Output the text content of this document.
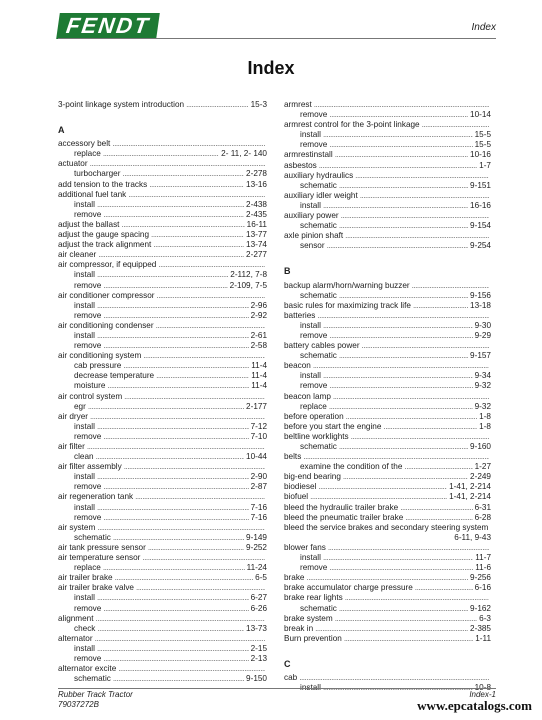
FENDT	Index
Index
3-point linkage system introduction .....	15-3
A
accessory belt
.....
replace .....	2- 11, 2- 140
actuator
.....
turbocharger .....	2-278
add tension to the tracks .....	13-16
additional fuel tank
.....
install .....	2-438
remove .....	2-435
adjust the ballast .....	16-11
adjust the gauge spacing .....	13-77
adjust the track alignment .....	13-74
air cleaner .....	2-277
air compressor, if equipped
.....
install .....	2-112, 7-8
remove .....	2-109, 7-5
air conditioner compressor
.....
install .....	2-96
remove .....	2-92
air conditioning condenser
.....
install .....	2-61
remove .....	2-58
air conditioning system
.....
cab pressure .....	11-4
decrease temperature .....	11-4
moisture .....	11-4
air control system
.....
egr .....	2-177
air dryer
.....
install .....	7-12
remove .....	7-10
air filter
.....
clean .....	10-44
air filter assembly
.....
install .....	2-90
remove .....	2-87
air regeneration tank
.....
install .....	7-16
remove .....	7-16
air system
.....
schematic .....	9-149
air tank pressure sensor .....	9-252
air temperature sensor
.....
replace .....	11-24
air trailer brake .....	6-5
air trailer brake valve
.....
install .....	6-27
remove .....	6-26
alignment
.....
check .....	13-73
alternator
.....
install .....	2-15
remove .....	2-13
alternator excite
.....
schematic .....	9-150
armrest
.....
remove .....	10-14
armrest control for the 3-point linkage
.....
install .....	15-5
remove .....	15-5
armrestinstall .....	10-16
asbestos .....	1-7
auxiliary hydraulics
.....
schematic .....	9-151
auxiliary idler weight
.....
install .....	16-16
auxiliary power
.....
schematic .....	9-154
axle pinion shaft
.....
sensor .....	9-254
B
backup alarm/horn/warning buzzer
.....
schematic .....	9-156
basic rules for maximizing track life .....	13-18
batteries
.....
install .....	9-30
remove .....	9-29
battery cables power
.....
schematic .....	9-157
beacon
.....
install .....	9-34
remove .....	9-32
beacon lamp
.....
replace .....	9-32
before operation .....	1-8
before you start the engine .....	1-8
beltline worklights
.....
schematic .....	9-160
belts
.....
examine the condition of the .....	1-27
big-end bearing .....	2-249
biodiesel .....	1-41, 2-214
biofuel .....	1-41, 2-214
bleed the hydraulic trailer brake .....	6-31
bleed the pneumatic trailer brake .....	6-28
bleed the service brakes and secondary steering system
6-11, 9-43
blower fans
.....
install .....	11-7
remove .....	11-6
brake .....	9-256
brake accumulator charge pressure .....	6-16
brake rear lights
.....
schematic .....	9-162
brake system .....	6-3
break in .....	2-385
Burn prevention .....	1-11
C
cab
.....
.....
Rubber Track Tractor
79037272B
Index-1
www.epcatalogs.com
